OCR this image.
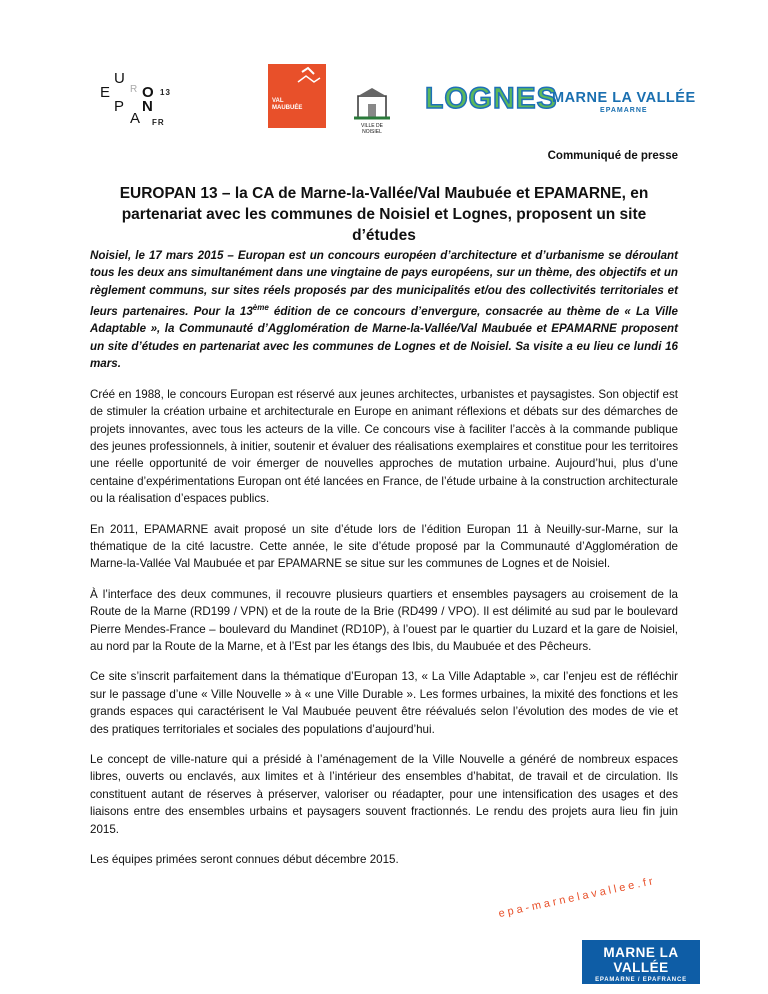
E
U
P
A
O
N
13
FR
R
VAL
MAUBUÉE
VILLE DE NOISIEL
LOGNES
MARNE LA VALLÉE
EPAMARNE
Communiqué de presse
EUROPAN 13 – la CA de Marne-la-Vallée/Val Maubuée et EPAMARNE, en
partenariat avec les communes de Noisiel et Lognes, proposent un site d’études

Noisiel, le 17 mars 2015 – Europan est un concours européen d’architecture et d’urbanisme se déroulant tous les deux ans simultanément dans une vingtaine de pays européens, sur un thème, des objectifs et un règlement communs, sur sites réels proposés par des municipalités et/ou des collectivités territoriales et leurs partenaires. Pour la 13ème édition de ce concours d’envergure, consacrée au thème de « La Ville Adaptable », la Communauté d’Agglomération de Marne-la-Vallée/Val Maubuée et EPAMARNE proposent un site d’études en partenariat avec les communes de Lognes et de Noisiel. Sa visite a eu lieu ce lundi 16 mars.

Créé en 1988, le concours Europan est réservé aux jeunes architectes, urbanistes et paysagistes. Son objectif est de stimuler la création urbaine et architecturale en Europe en animant réflexions et débats sur des démarches de projets innovantes, avec tous les acteurs de la ville. Ce concours vise à faciliter l’accès à la commande publique des jeunes professionnels, à initier, soutenir et évaluer des réalisations exemplaires et constitue pour les territoires une réelle opportunité de voir émerger de nouvelles approches de mutation urbaine. Aujourd’hui, plus d’une centaine d’expérimentations Europan ont été lancées en France, de l’étude urbaine à la construction architecturale ou la réalisation d’espaces publics.

En 2011, EPAMARNE avait proposé un site d’étude lors de l’édition Europan 11 à Neuilly-sur-Marne, sur la thématique de la cité lacustre. Cette année, le site d’étude proposé par la Communauté d’Agglomération de Marne-la-Vallée Val Maubuée et par EPAMARNE se situe sur les communes de Lognes et de Noisiel.

À l’interface des deux communes, il recouvre plusieurs quartiers et ensembles paysagers au croisement de la Route de la Marne (RD199 / VPN) et de la route de la Brie (RD499 / VPO). Il est délimité au sud par le boulevard Pierre Mendes-France – boulevard du Mandinet (RD10P), à l’ouest par le quartier du Luzard et la gare de Noisiel, au nord par la Route de la Marne, et à l’Est par les étangs des Ibis, du Maubuée et des Pêcheurs.

Ce site s’inscrit parfaitement dans la thématique d’Europan 13, « La Ville Adaptable », car l’enjeu est de réfléchir sur le passage d’une « Ville Nouvelle » à « une Ville Durable ». Les formes urbaines, la mixité des fonctions et les grands espaces qui caractérisent le Val Maubuée peuvent être réévalués selon l’évolution des modes de vie et des pratiques territoriales et sociales des populations d’aujourd’hui.

Le concept de ville-nature qui a présidé à l’aménagement de la Ville Nouvelle a généré de nombreux espaces libres, ouverts ou enclavés, aux limites et à l’intérieur des ensembles d’habitat, de travail et de circulation. Ils constituent autant de réserves à préserver, valoriser ou réadapter, pour une intensification des usages et des liaisons entre des ensembles urbains et paysagers souvent fractionnés. Le rendu des projets aura lieu fin juin 2015.

Les équipes primées seront connues début décembre 2015.

epa-marnelavallee.fr
MARNE LA VALLÉE
EPAMARNE / EPAFRANCE
